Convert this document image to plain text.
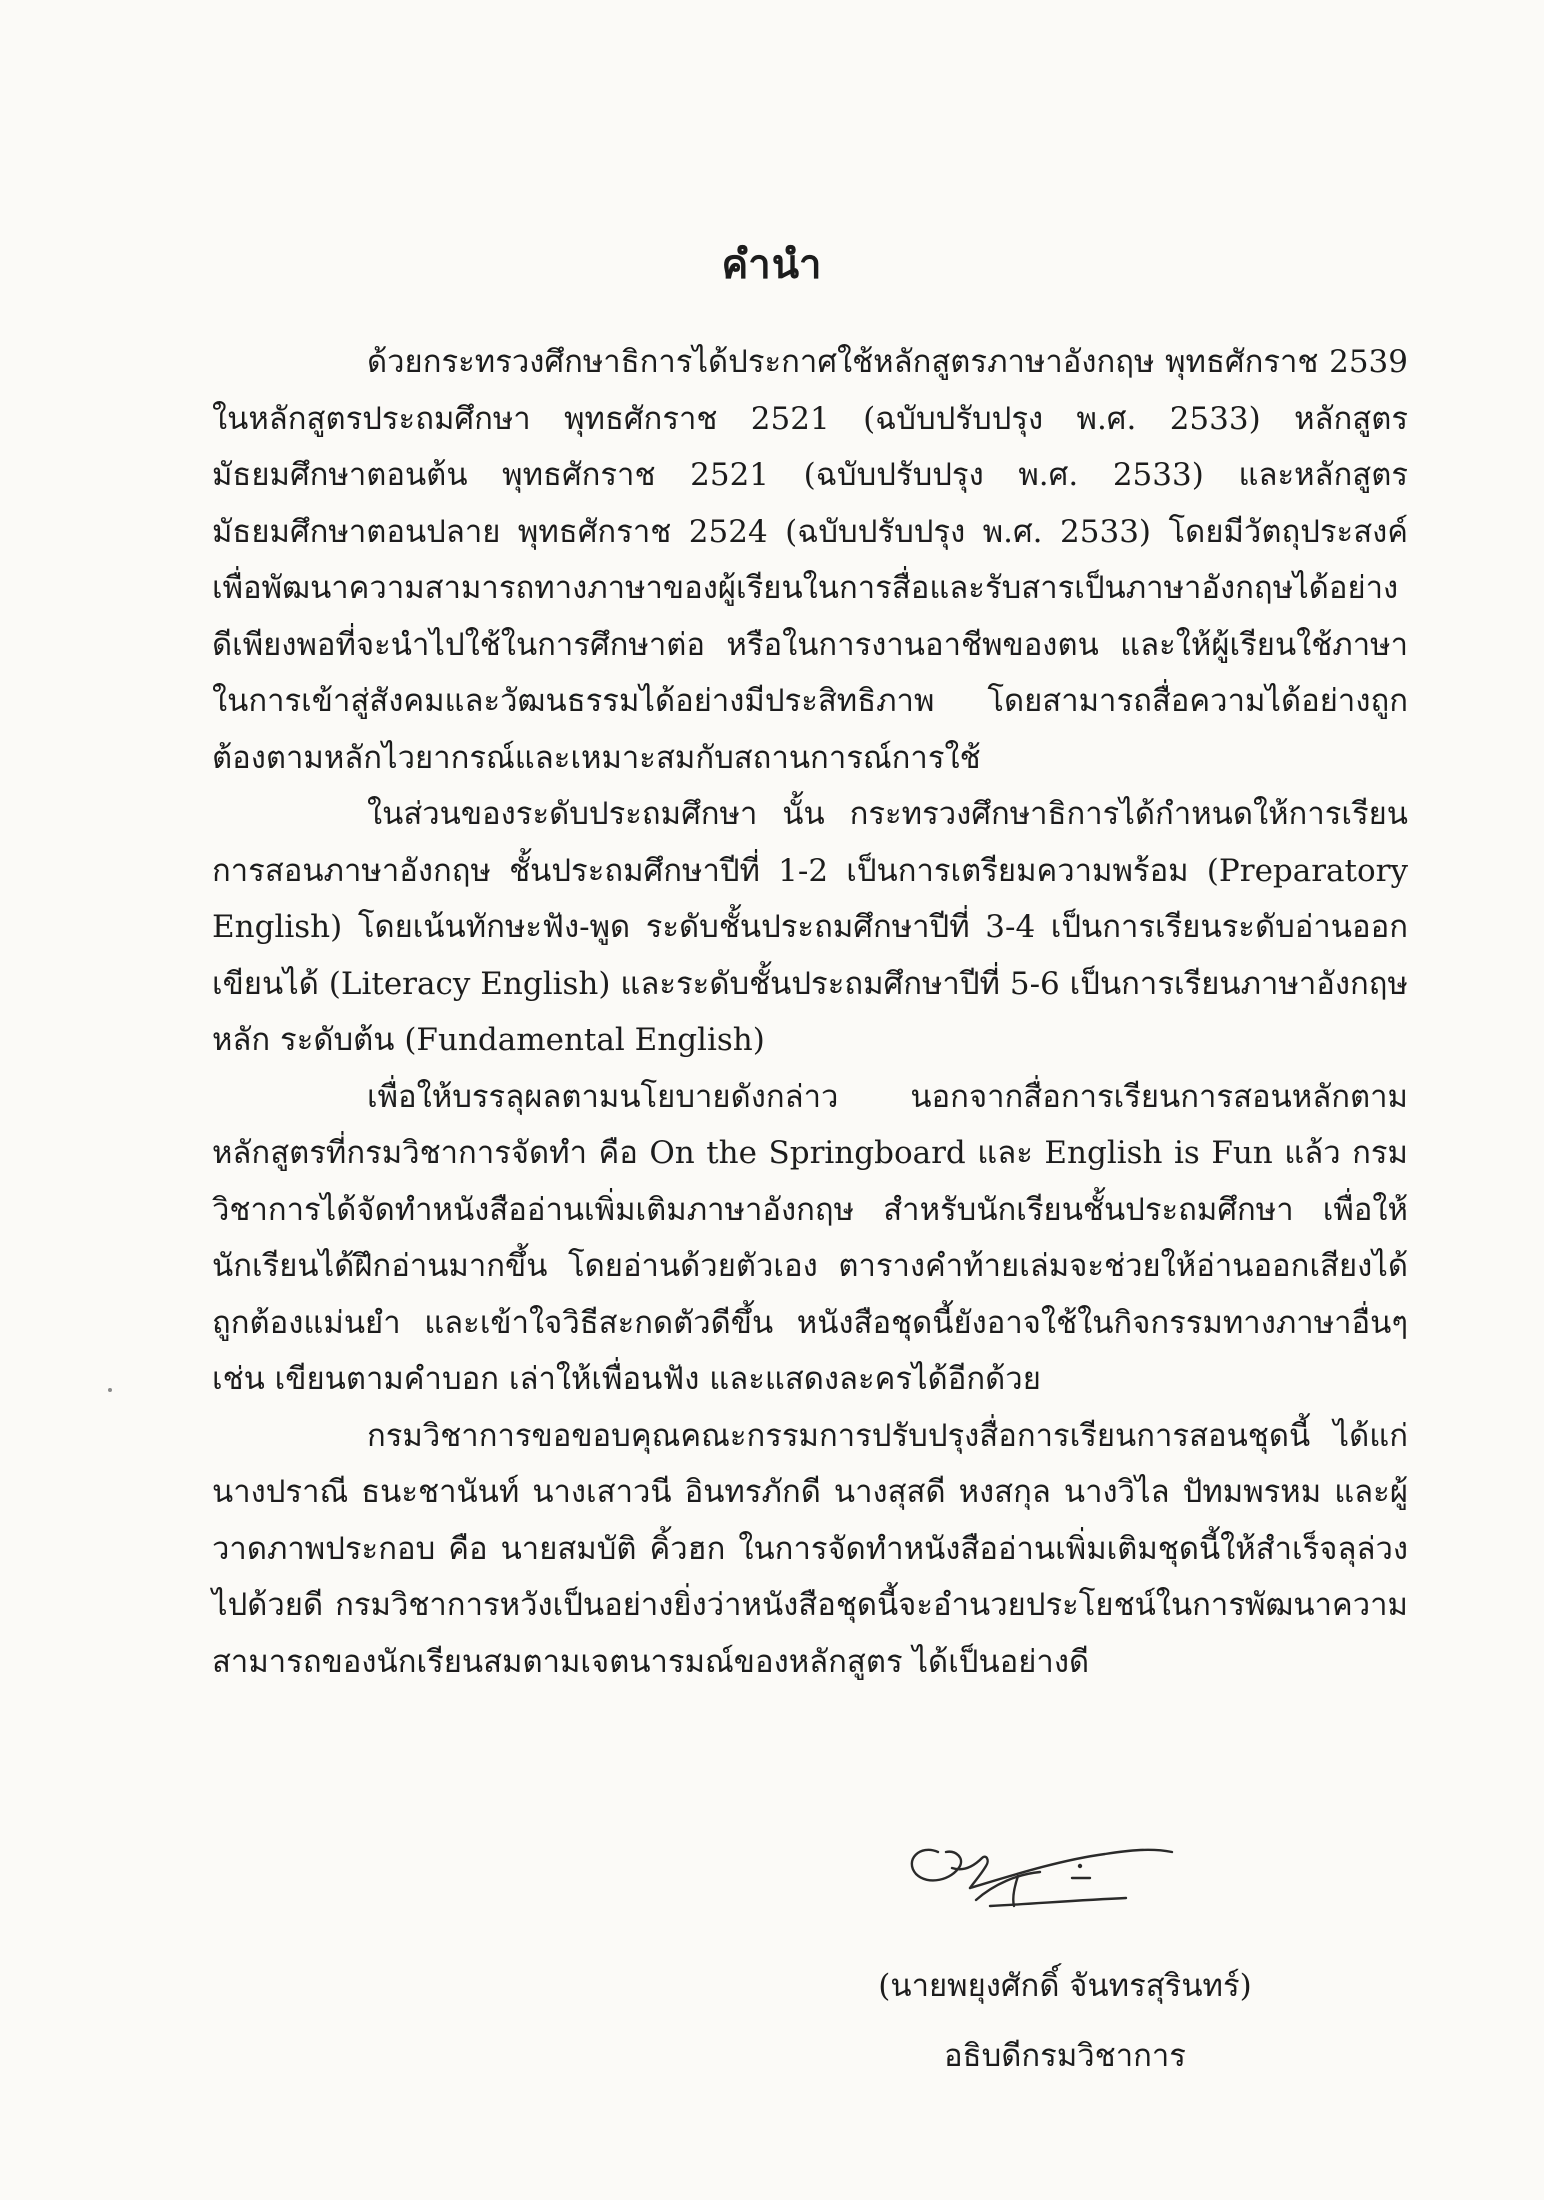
คำนำ

ด้วยกระทรวงศึกษาธิการได้ประกาศใช้หลักสูตรภาษาอังกฤษ พุทธศักราช 2539 ในหลักสูตรประถมศึกษา พุทธศักราช 2521 (ฉบับปรับปรุง พ.ศ. 2533) หลักสูตรมัธยมศึกษาตอนต้น พุทธศักราช 2521 (ฉบับปรับปรุง พ.ศ. 2533) และหลักสูตรมัธยมศึกษาตอนปลาย พุทธศักราช 2524 (ฉบับปรับปรุง พ.ศ. 2533) โดยมีวัตถุประสงค์เพื่อพัฒนาความสามารถทางภาษาของผู้เรียนในการสื่อและรับสารเป็นภาษาอังกฤษได้อย่างดีเพียงพอที่จะนำไปใช้ในการศึกษาต่อ หรือในการงานอาชีพของตน และให้ผู้เรียนใช้ภาษาในการเข้าสู่สังคมและวัฒนธรรมได้อย่างมีประสิทธิภาพ โดยสามารถสื่อความได้อย่างถูกต้องตามหลักไวยากรณ์และเหมาะสมกับสถานการณ์การใช้

ในส่วนของระดับประถมศึกษา นั้น กระทรวงศึกษาธิการได้กำหนดให้การเรียนการสอนภาษาอังกฤษ ชั้นประถมศึกษาปีที่ 1-2 เป็นการเตรียมความพร้อม (Preparatory English) โดยเน้นทักษะฟัง-พูด ระดับชั้นประถมศึกษาปีที่ 3-4 เป็นการเรียนระดับอ่านออกเขียนได้ (Literacy English) และระดับชั้นประถมศึกษาปีที่ 5-6 เป็นการเรียนภาษาอังกฤษหลัก ระดับต้น (Fundamental English)

เพื่อให้บรรลุผลตามนโยบายดังกล่าว นอกจากสื่อการเรียนการสอนหลักตามหลักสูตรที่กรมวิชาการจัดทำ คือ On the Springboard และ English is Fun แล้ว กรมวิชาการได้จัดทำหนังสืออ่านเพิ่มเติมภาษาอังกฤษ สำหรับนักเรียนชั้นประถมศึกษา เพื่อให้นักเรียนได้ฝึกอ่านมากขึ้น โดยอ่านด้วยตัวเอง ตารางคำท้ายเล่มจะช่วยให้อ่านออกเสียงได้ถูกต้องแม่นยำ และเข้าใจวิธีสะกดตัวดีขึ้น หนังสือชุดนี้ยังอาจใช้ในกิจกรรมทางภาษาอื่นๆ เช่น เขียนตามคำบอก เล่าให้เพื่อนฟัง และแสดงละครได้อีกด้วย

กรมวิชาการขอขอบคุณคณะกรรมการปรับปรุงสื่อการเรียนการสอนชุดนี้ ได้แก่นางปราณี ธนะชานันท์ นางเสาวนี อินทรภักดี นางสุสดี หงสกุล นางวิไล ปัทมพรหม และผู้วาดภาพประกอบ คือ นายสมบัติ คิ้วฮก ในการจัดทำหนังสืออ่านเพิ่มเติมชุดนี้ให้สำเร็จลุล่วงไปด้วยดี กรมวิชาการหวังเป็นอย่างยิ่งว่าหนังสือชุดนี้จะอำนวยประโยชน์ในการพัฒนาความสามารถของนักเรียนสมตามเจตนารมณ์ของหลักสูตร ได้เป็นอย่างดี

(นายพยุงศักดิ์ จันทรสุรินทร์)
อธิบดีกรมวิชาการ
